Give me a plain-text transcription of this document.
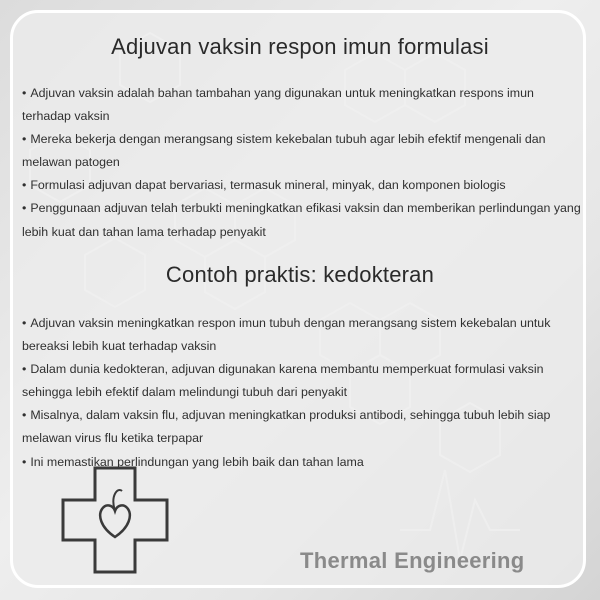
Adjuvan vaksin respon imun formulasi
• Adjuvan vaksin adalah bahan tambahan yang digunakan untuk meningkatkan respons imun terhadap vaksin
• Mereka bekerja dengan merangsang sistem kekebalan tubuh agar lebih efektif mengenali dan melawan patogen
• Formulasi adjuvan dapat bervariasi, termasuk mineral, minyak, dan komponen biologis
• Penggunaan adjuvan telah terbukti meningkatkan efikasi vaksin dan memberikan perlindungan yang lebih kuat dan tahan lama terhadap penyakit
Contoh praktis: kedokteran
• Adjuvan vaksin meningkatkan respon imun tubuh dengan merangsang sistem kekebalan untuk bereaksi lebih kuat terhadap vaksin
• Dalam dunia kedokteran, adjuvan digunakan karena membantu memperkuat formulasi vaksin sehingga lebih efektif dalam melindungi tubuh dari penyakit
• Misalnya, dalam vaksin flu, adjuvan meningkatkan produksi antibodi, sehingga tubuh lebih siap melawan virus flu ketika terpapar
• Ini memastikan perlindungan yang lebih baik dan tahan lama
Thermal Engineering
